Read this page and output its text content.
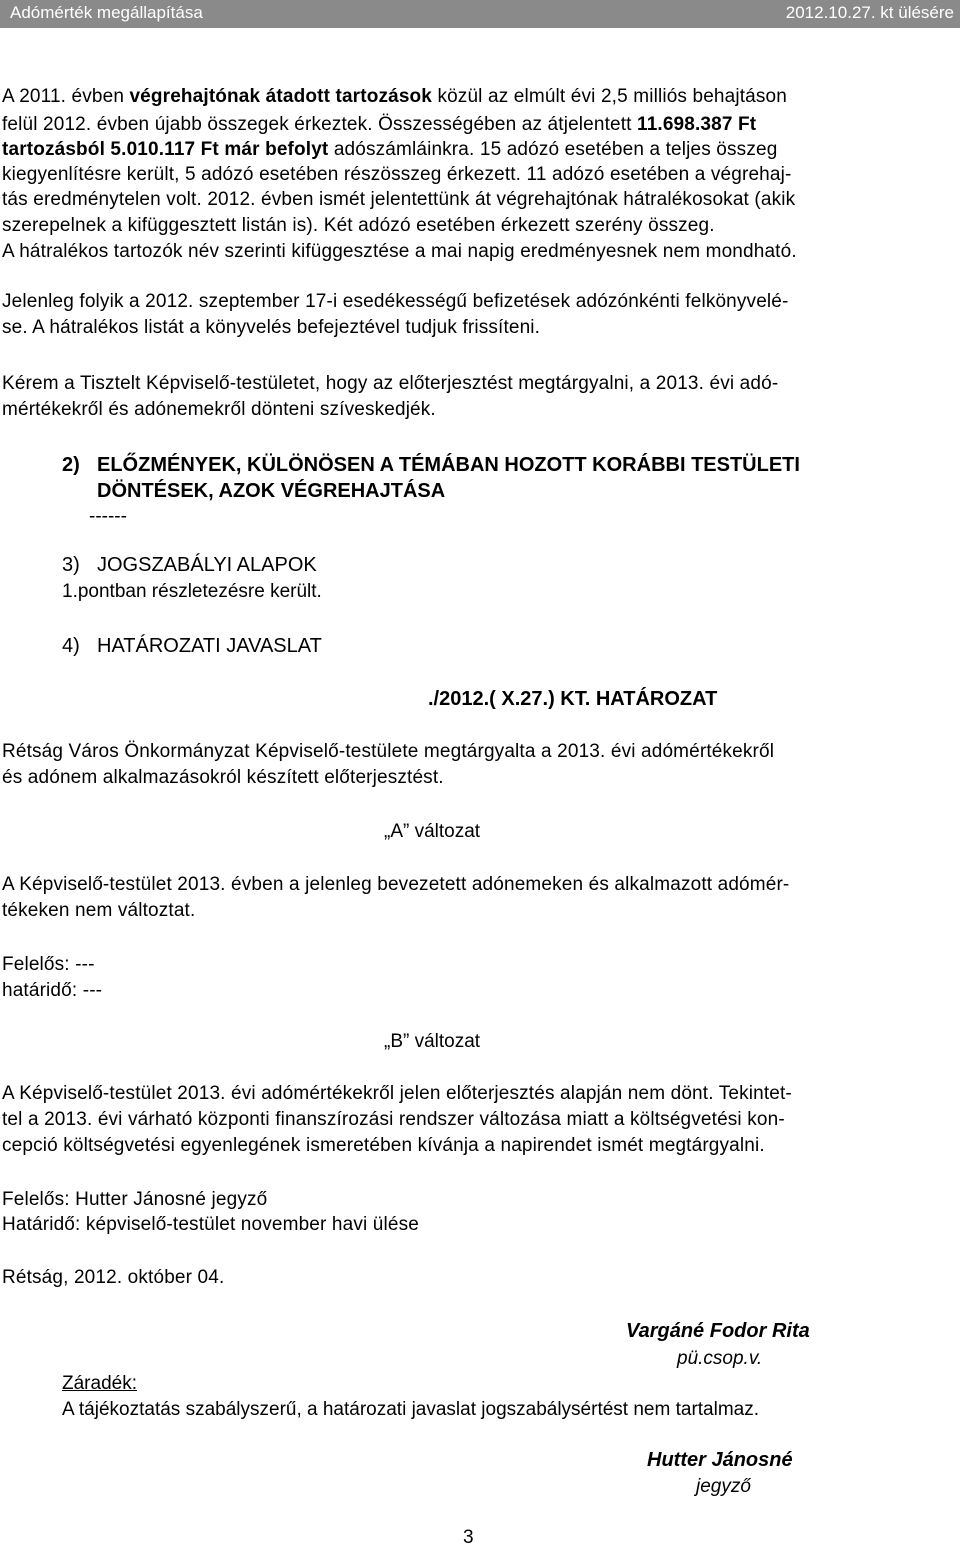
Adómérték megállapítása	2012.10.27. kt ülésére
A 2011. évben végrehajtónak átadott tartozások közül az elmúlt évi 2,5 milliós behajtáson
felül 2012. évben újabb összegek érkeztek. Összességében az átjelentett 11.698.387 Ft
tartozásból 5.010.117 Ft már befolyt adószámláinkra. 15 adózó esetében a teljes összeg
kiegyenlítésre került, 5 adózó esetében részösszeg érkezett. 11 adózó esetében a végrehaj-
tás eredménytelen volt. 2012. évben ismét jelentettünk át végrehajtónak hátralékosokat (akik
szerepelnek a kifüggesztett listán is). Két adózó esetében érkezett szerény összeg.
A hátralékos tartozók név szerinti kifüggesztése a mai napig eredményesnek nem mondható.
Jelenleg folyik a 2012. szeptember 17-i esedékességű befizetések adózónkénti felkönyvelé-
se. A hátralékos listát a könyvelés befejeztével tudjuk frissíteni.
Kérem a Tisztelt Képviselő-testületet, hogy az előterjesztést megtárgyalni, a 2013. évi adó-
mértékekről és adónemekről dönteni szíveskedjék.
2) ELŐZMÉNYEK, KÜLÖNÖSEN A TÉMÁBAN HOZOTT KORÁBBI TESTÜLETI
DÖNTÉSEK, AZOK VÉGREHAJTÁSA
------
3) JOGSZABÁLYI ALAPOK
1.pontban részletezésre került.
4) HATÁROZATI JAVASLAT
./2012.( X.27.) KT. HATÁROZAT
Rétság Város Önkormányzat Képviselő-testülete megtárgyalta a 2013. évi adómértékekről
és adónem alkalmazásokról készített előterjesztést.
„A” változat
A Képviselő-testület 2013. évben a jelenleg bevezetett adónemeken és alkalmazott adómér-
tékeken nem változtat.
Felelős: ---
határidő: ---
„B” változat
A Képviselő-testület 2013. évi adómértékekről jelen előterjesztés alapján nem dönt. Tekintet-
tel a 2013. évi várható központi finanszírozási rendszer változása miatt a költségvetési kon-
cepció költségvetési egyenlegének ismeretében kívánja a napirendet ismét megtárgyalni.
Felelős: Hutter Jánosné jegyző
Határidő: képviselő-testület november havi ülése
Rétság, 2012. október 04.
Vargáné Fodor Rita
pü.csop.v.
Záradék:
A tájékoztatás szabályszerű, a határozati javaslat jogszabálysértést nem tartalmaz.
Hutter Jánosné
jegyző
3
